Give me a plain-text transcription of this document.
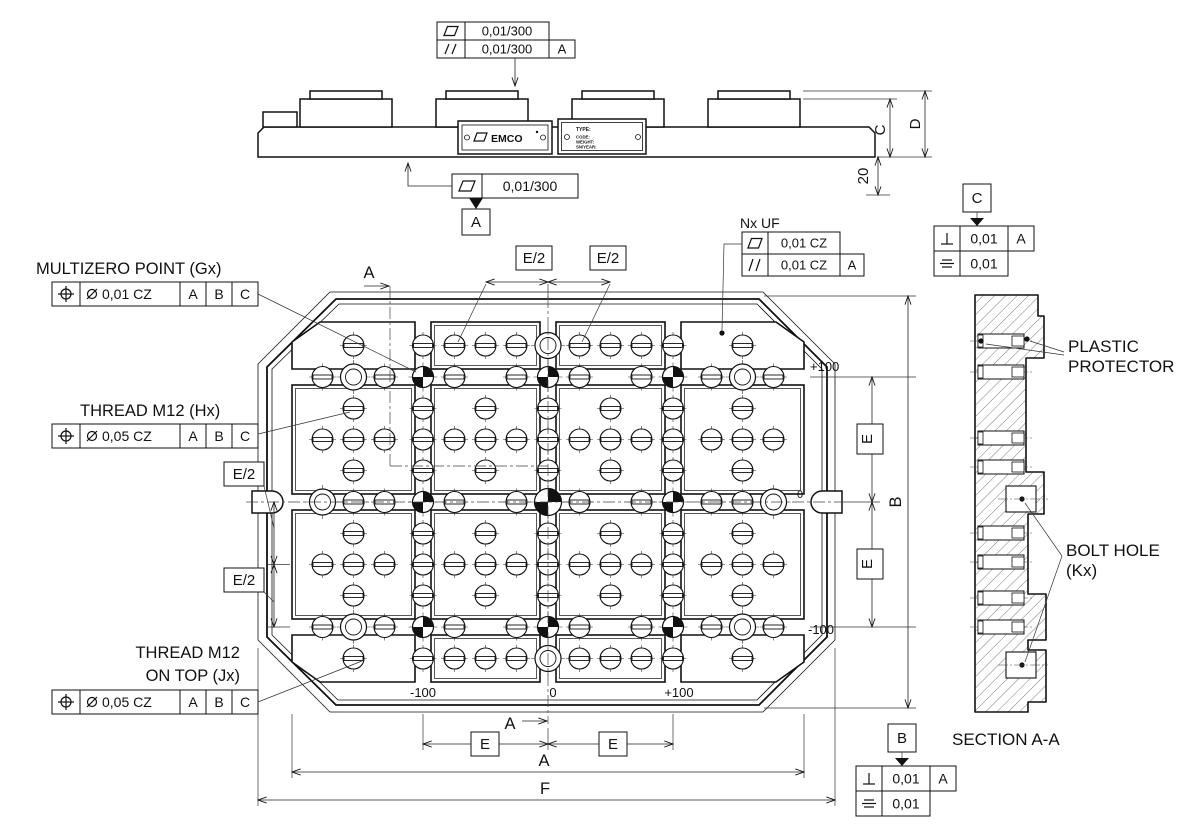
EMCO
TYPE:
CODE:
WEIGHT:
SN/YEAR:
0,01/300
0,01/300 A
0,01/300
A
C
D
20
A
A
-100	0	+100
+100
-100
0
E/2	E/2
E/2
E/2
E
E
B
E	E
A
F
Nx UF
0,01 CZ
0,01 CZ A
MULTIZERO POINT (Gx)
0,01 CZ	A B C
THREAD M12 (Hx)
0,05 CZ	A B C
THREAD M12
ON TOP (Jx)
0,05 CZ	A B C
C
0,01 A
0,01
B
0,01 A
0,01
PLASTIC
PROTECTOR
BOLT HOLE
(Kx)
SECTION A-A
